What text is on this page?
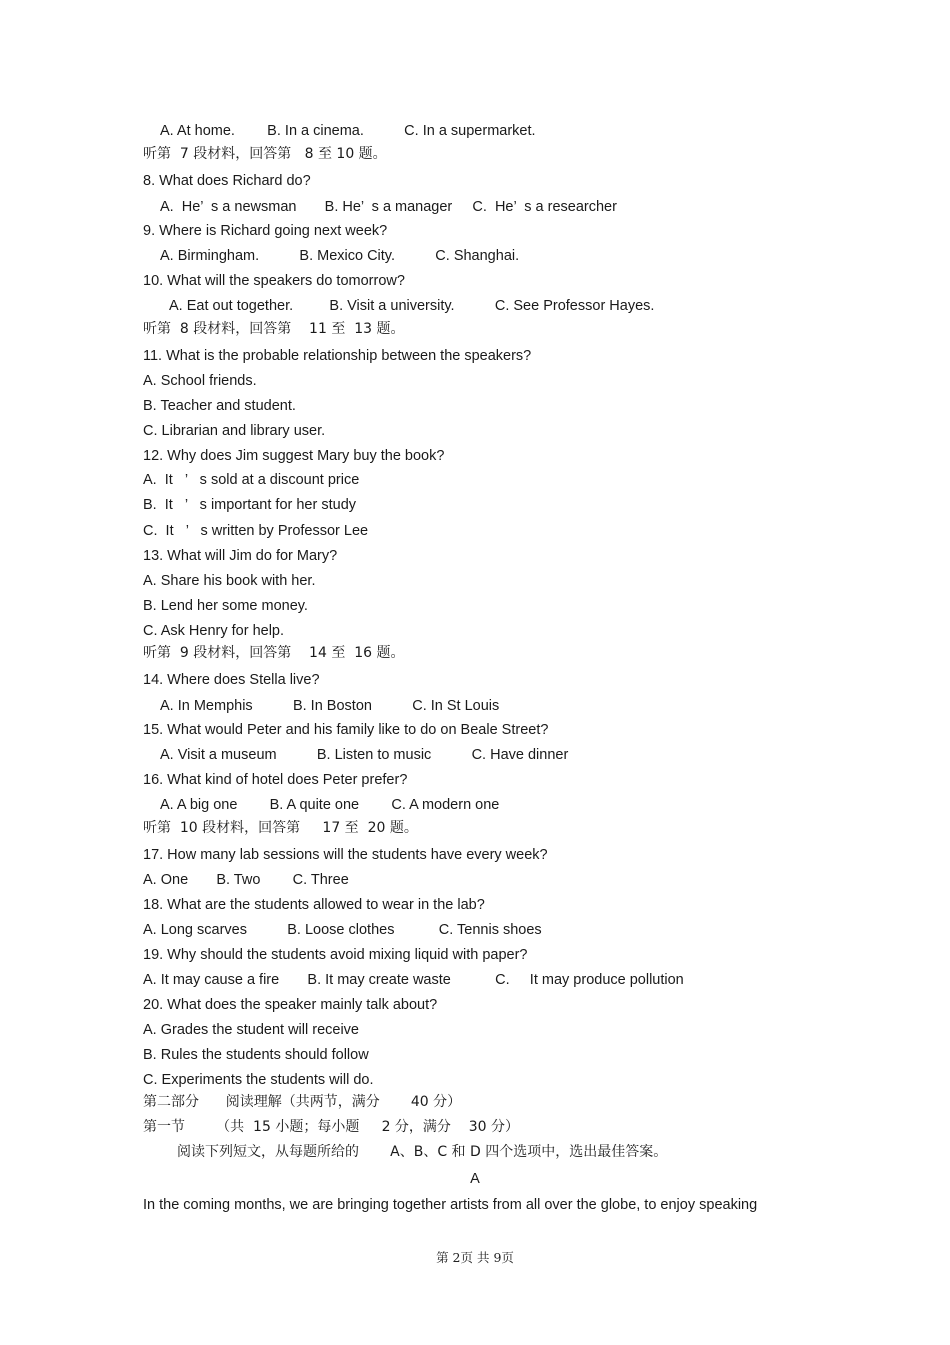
A. At home.        B. In a cinema.          C. In a supermarket.
听第  7 段材料，回答第   8 至 10 题。
8. What does Richard do?
A.  He’  s a newsman       B. He’  s a manager     C.  He’  s a researcher
9. Where is Richard going next week?
A. Birmingham.          B. Mexico City.          C. Shanghai.
10. What will the speakers do tomorrow?
A. Eat out together.         B. Visit a university.          C. See Professor Hayes.
听第  8 段材料，回答第    11 至  13 题。
11. What is the probable relationship between the speakers?
A. School friends.
B. Teacher and student.
C. Librarian and library user.
12. Why does Jim suggest Mary buy the book?
A.  It   ’   s sold at a discount price
B.  It   ’   s important for her study
C.  It   ’   s written by Professor Lee
13. What will Jim do for Mary?
A. Share his book with her.
B. Lend her some money.
C. Ask Henry for help.
听第  9 段材料，回答第    14 至  16 题。
14. Where does Stella live?
A. In Memphis          B. In Boston          C. In St Louis
15. What would Peter and his family like to do on Beale Street?
A. Visit a museum          B. Listen to music          C. Have dinner
16. What kind of hotel does Peter prefer?
A. A big one        B. A quite one        C. A modern one
听第  10 段材料，回答第     17 至  20 题。
17. How many lab sessions will the students have every week?
A. One       B. Two        C. Three
18. What are the students allowed to wear in the lab?
A. Long scarves          B. Loose clothes           C. Tennis shoes
19. Why should the students avoid mixing liquid with paper?
A. It may cause a fire       B. It may create waste           C.     It may produce pollution
20. What does the speaker mainly talk about?
A. Grades the student will receive
B. Rules the students should follow
C. Experiments the students will do.
第二部分      阅读理解（共两节，满分       40 分）
第一节       （共  15 小题；每小题     2 分，满分    30 分）
阅读下列短文，从每题所给的       A、B、C 和 D 四个选项中，选出最佳答案。
A
In the coming months, we are bringing together artists from all over the globe, to enjoy speaking
第 2页 共 9页
